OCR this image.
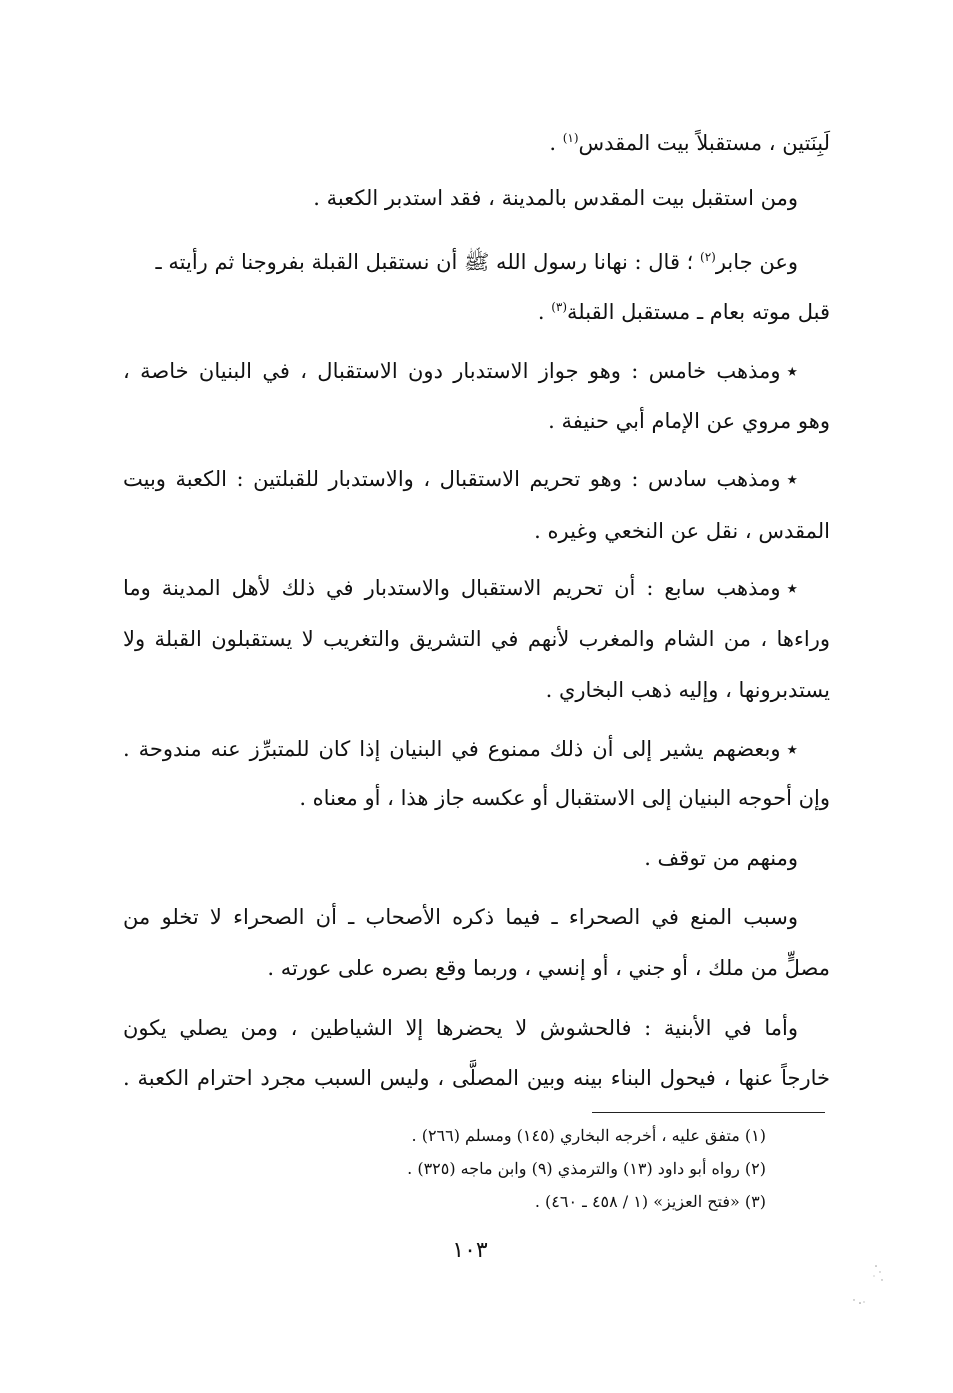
لَبِنَتين ، مستقبلاً بيت المقدس$^{(١)}$ .
ومن استقبل بيت المقدس بالمدينة ، فقد استدبر الكعبة .
وعن جابر$^{(٢)}$ ؛ قال : نهانا رسول الله ﷺ أن نستقبل القبلة بفروجنا ثم رأيته ـ
قبل موته بعام ـ مستقبل القبلة$^{(٣)}$ .
٭ومذهب خامس : وهو جواز الاستدبار دون الاستقبال ، في البنيان خاصة ،
وهو مروي عن الإمام أبي حنيفة .
٭ومذهب سادس : وهو تحريم الاستقبال ، والاستدبار للقبلتين : الكعبة وبيت
المقدس ، نقل عن النخعي وغيره .
٭ومذهب سابع : أن تحريم الاستقبال والاستدبار في ذلك لأهل المدينة وما
وراءها ، من الشام والمغرب لأنهم في التشريق والتغريب لا يستقبلون القبلة ولا
يستدبرونها ، وإليه ذهب البخاري .
٭وبعضهم يشير إلى أن ذلك ممنوع في البنيان إذا كان للمتبرِّز عنه مندوحة .
وإن أحوجه البنيان إلى الاستقبال أو عكسه جاز هذا ، أو معناه .
ومنهم من توقف .
وسبب المنع في الصحراء ـ فيما ذكره الأصحاب ـ أن الصحراء لا تخلو من
مصلٍّ من ملك ، أو جني ، أو إنسي ، وربما وقع بصره على عورته .
وأما في الأبنية : فالحشوش لا يحضرها إلا الشياطين ، ومن يصلي يكون
خارجاً عنها ، فيحول البناء بينه وبين المصلَّى ، وليس السبب مجرد احترام الكعبة .
(١) متفق عليه ، أخرجه البخاري (١٤٥) ومسلم (٢٦٦) .
(٢) رواه أبو داود (١٣) والترمذي (٩) وابن ماجه (٣٢٥) .
(٣) «فتح العزيز» (١ / ٤٥٨ ـ ٤٦٠) .
١٠٣
